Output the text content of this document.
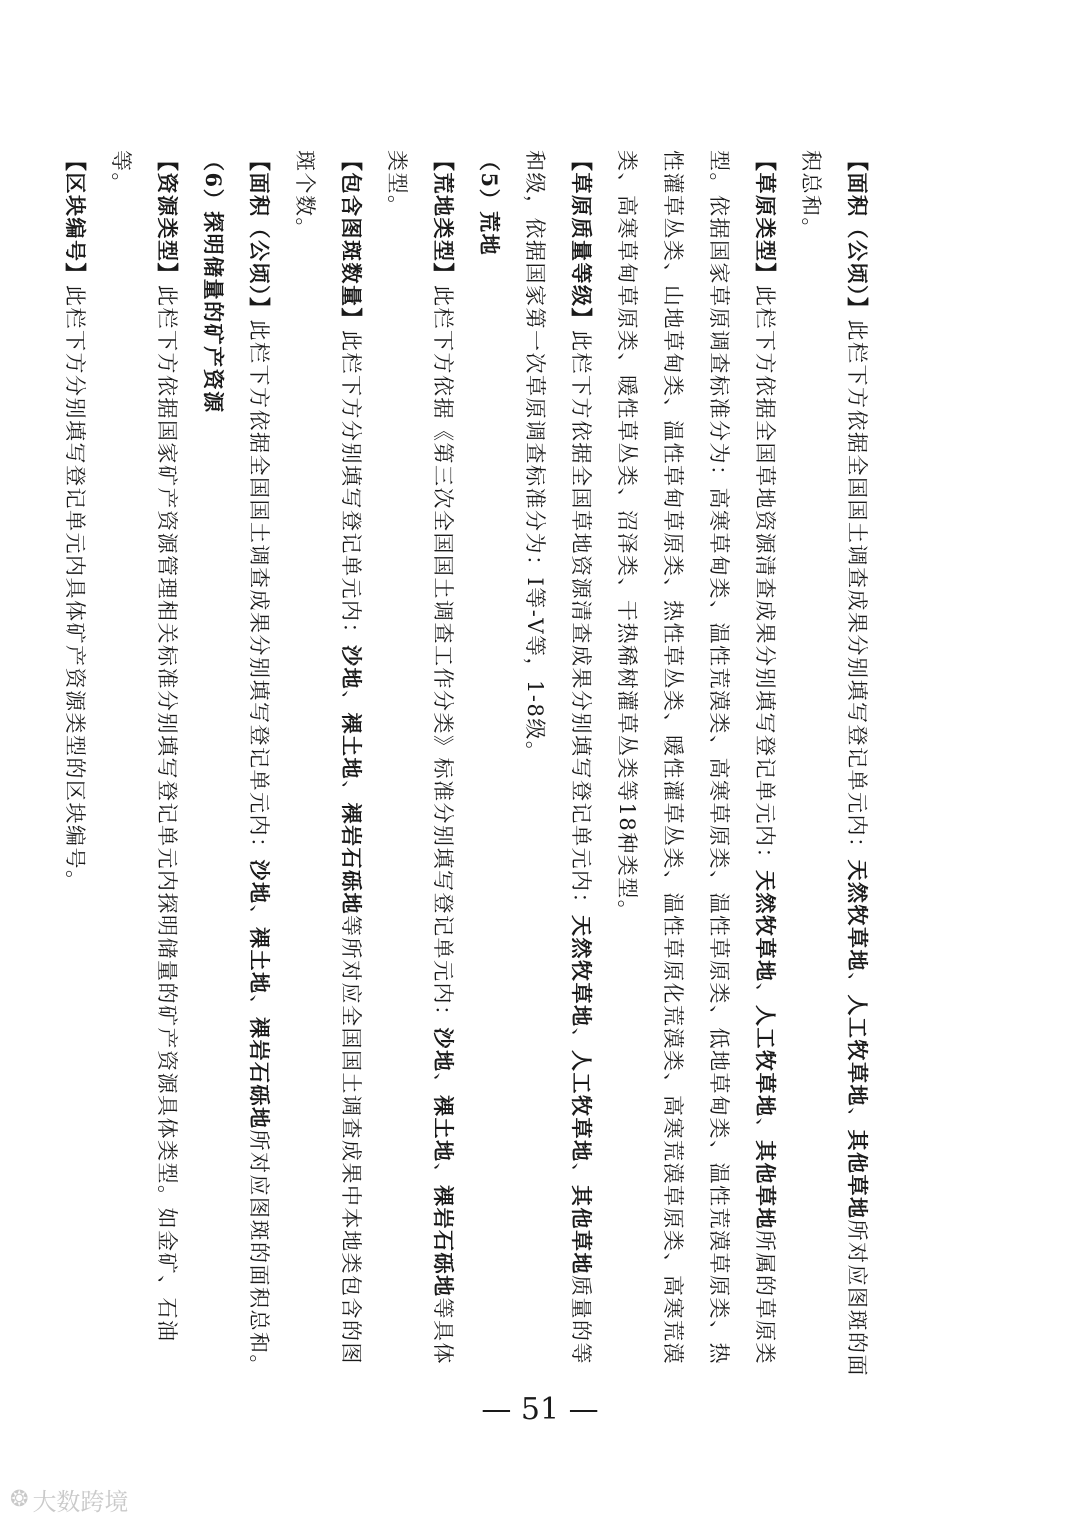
【面积（公顷）】此栏下方依据全国国土调查成果分别填写登记单元内：天然牧草地、人工牧草地、其他草地所对应图斑的面积总和。

【草原类型】此栏下方依据全国草地资源清查成果分别填写登记单元内：天然牧草地、人工牧草地、其他草地所属的草原类型。依据国家草原调查标准分为：高寒草甸类、温性荒漠类、高寒草原类、温性草原类、低地草甸类、温性荒漠草原类、热性灌草丛类、山地草甸类、温性草甸草原类、热性草丛类、暖性灌草丛类、温性草原化荒漠类、高寒荒漠草原类、高寒荒漠类、高寒草甸草原类、暖性草丛类、沼泽类、干热稀树灌草丛类等18种类型。

【草原质量等级】此栏下方依据全国草地资源清查成果分别填写登记单元内：天然牧草地、人工牧草地、其他草地质量的等和级，依据国家第一次草原调查标准分为：Ⅰ等-Ⅴ等，1-8级。

（5）荒地

【荒地类型】此栏下方依据《第三次全国国土调查工作分类》标准分别填写登记单元内：沙地、裸土地、裸岩石砾地等具体类型。

【包含图斑数量】此栏下方分别填写登记单元内：沙地、裸土地、裸岩石砾地等所对应全国国土调查成果中本地类包含的图斑个数。

【面积（公顷）】此栏下方依据全国国土调查成果分别填写登记单元内：沙地、裸土地、裸岩石砾地所对应图斑的面积总和。

（6）探明储量的矿产资源

【资源类型】此栏下方依据国家矿产资源管理相关标准分别填写登记单元内探明储量的矿产资源具体类型。如金矿、石油等。

【区块编号】此栏下方分别填写登记单元内具体矿产资源类型的区块编号。

— 51 —
❂ 大数跨境
